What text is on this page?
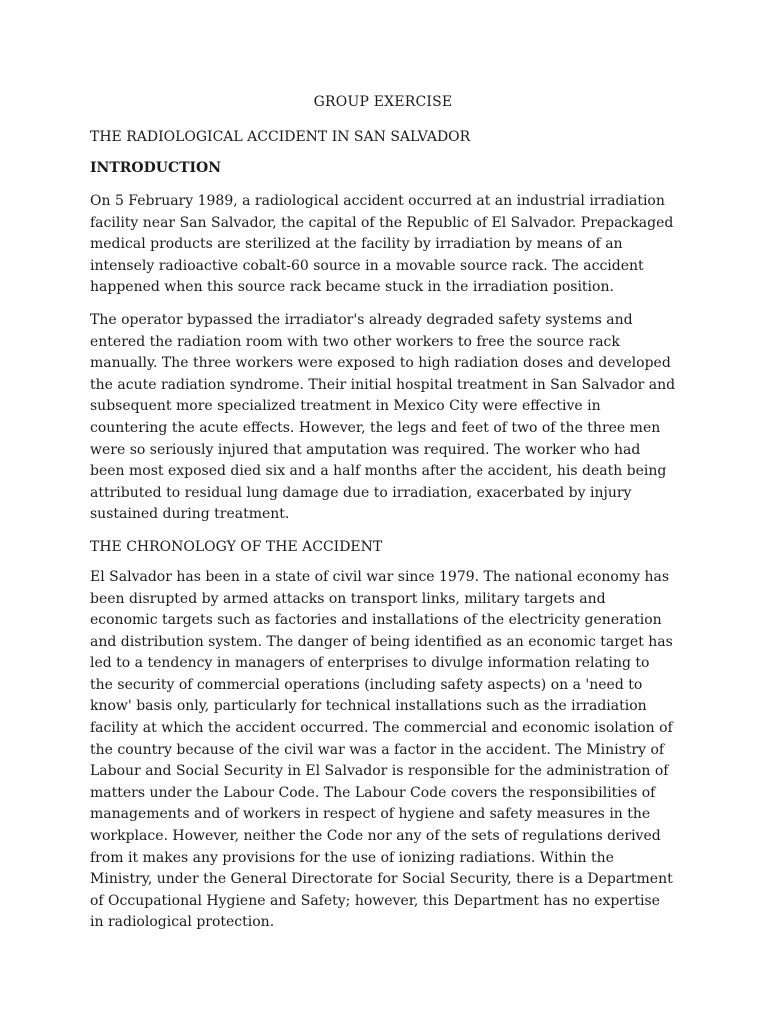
GROUP EXERCISE
THE RADIOLOGICAL ACCIDENT IN SAN SALVADOR
INTRODUCTION

On 5 February 1989, a radiological accident occurred at an industrial irradiation facility near San Salvador, the capital of the Republic of El Salvador. Prepackaged medical products are sterilized at the facility by irradiation by means of an intensely radioactive cobalt-60 source in a movable source rack. The accident happened when this source rack became stuck in the irradiation position.

The operator bypassed the irradiator's already degraded safety systems and entered the radiation room with two other workers to free the source rack manually. The three workers were exposed to high radiation doses and developed the acute radiation syndrome. Their initial hospital treatment in San Salvador and subsequent more specialized treatment in Mexico City were effective in countering the acute effects. However, the legs and feet of two of the three men were so seriously injured that amputation was required. The worker who had been most exposed died six and a half months after the accident, his death being attributed to residual lung damage due to irradiation, exacerbated by injury sustained during treatment.

THE CHRONOLOGY OF THE ACCIDENT

El Salvador has been in a state of civil war since 1979. The national economy has been disrupted by armed attacks on transport links, military targets and economic targets such as factories and installations of the electricity generation and distribution system. The danger of being identified as an economic target has led to a tendency in managers of enterprises to divulge information relating to the security of commercial operations (including safety aspects) on a 'need to know' basis only, particularly for technical installations such as the irradiation facility at which the accident occurred. The commercial and economic isolation of the country because of the civil war was a factor in the accident. The Ministry of Labour and Social Security in El Salvador is responsible for the administration of matters under the Labour Code. The Labour Code covers the responsibilities of managements and of workers in respect of hygiene and safety measures in the workplace. However, neither the Code nor any of the sets of regulations derived from it makes any provisions for the use of ionizing radiations. Within the Ministry, under the General Directorate for Social Security, there is a Department of Occupational Hygiene and Safety; however, this Department has no expertise in radiological protection.
